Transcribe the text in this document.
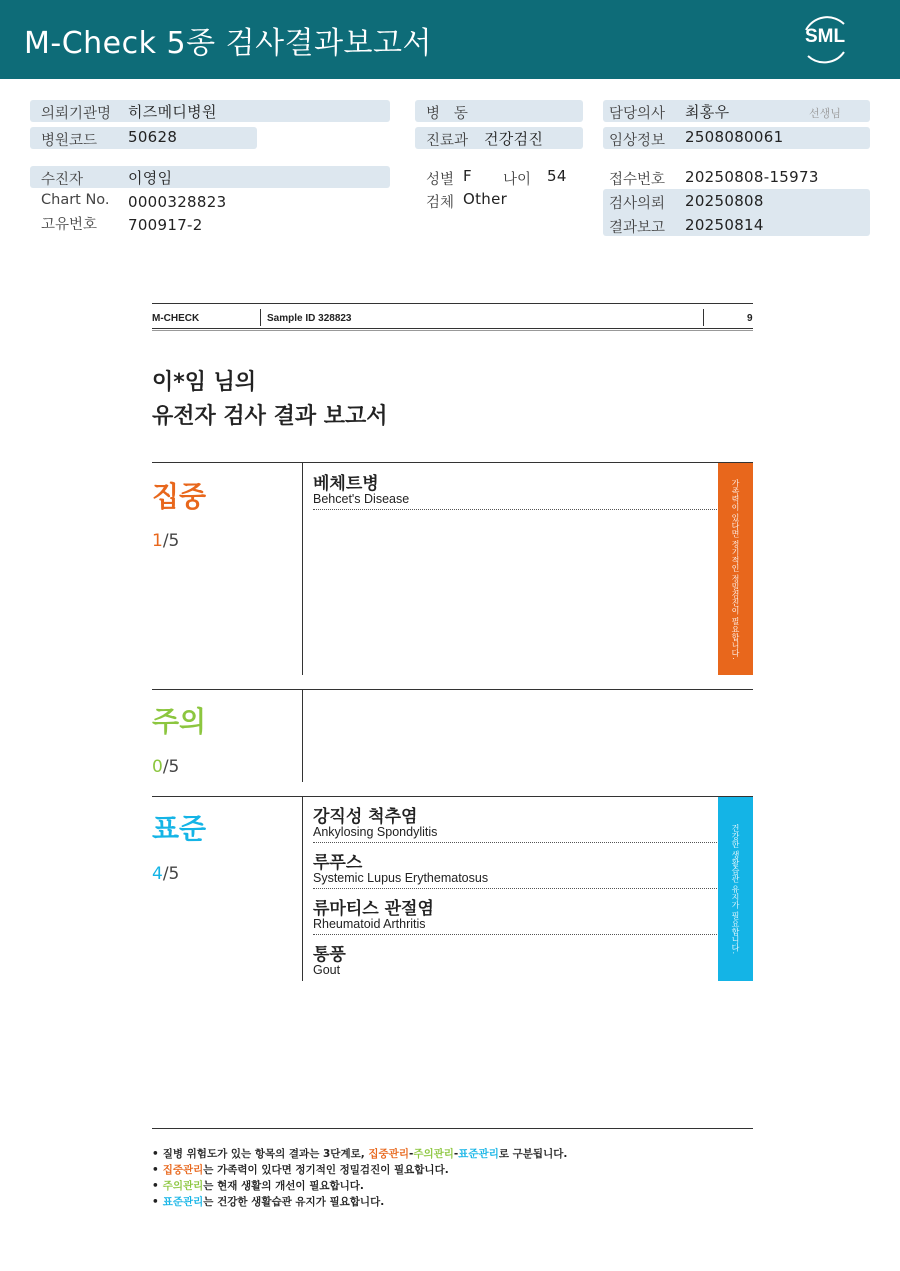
M-Check 5종 검사결과보고서	SML
의뢰기관명 히즈메디병원
병원코드 50628
수진자	이영임
Chart No. 0000328823
고유번호 700917-2
병   동
진료과 건강검진
성별 F 나이 54
검체 Other
담당의사 최홍우	선생님
임상정보 2508080061
접수번호 20250808-15973
검사의뢰 20250808
결과보고 20250814
M-CHECK	Sample ID 328823	9
이*임 님의
유전자 검사 결과 보고서
집중
1/5
베체트병
Behcet's Disease	가족력이 있다면 정기적인 정밀검진이 필요합니다.
주의
0/5
표준
4/5
강직성 척추염
Ankylosing Spondylitis
루푸스
Systemic Lupus Erythematosus
류마티스 관절염
Rheumatoid Arthritis
통풍
Gout
건강한 생활습관 유지가 필요합니다.
• 질병 위험도가 있는 항목의 결과는 3단계로, 집중관리-주의관리-표준관리로 구분됩니다.
• 집중관리는 가족력이 있다면 정기적인 정밀검진이 필요합니다.
• 주의관리는 현재 생활의 개선이 필요합니다.
• 표준관리는 건강한 생활습관 유지가 필요합니다.
